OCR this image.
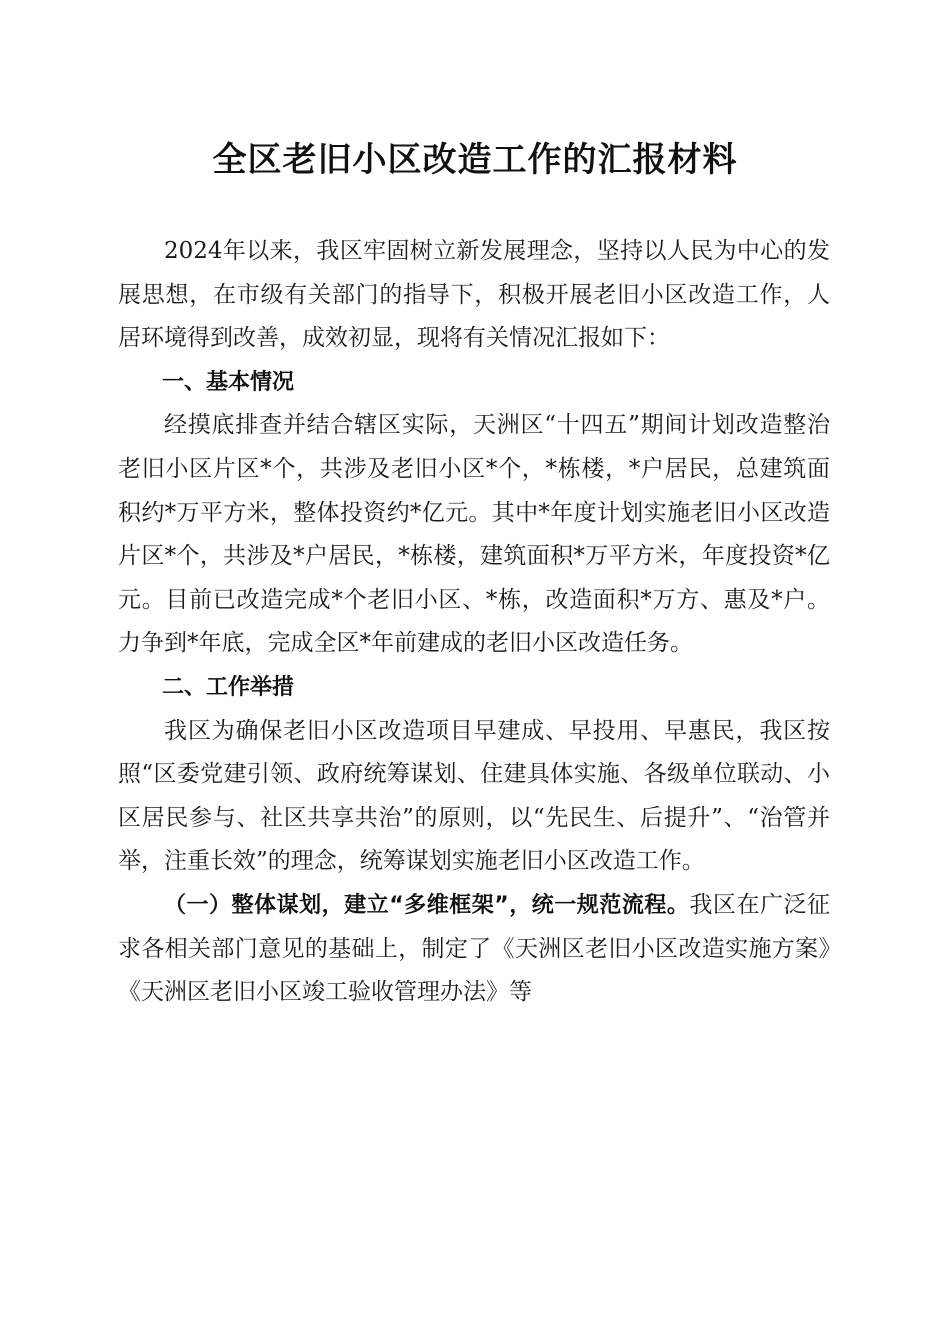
全区老旧小区改造工作的汇报材料

2024年以来，我区牢固树立新发展理念，坚持以人民为中心的发展思想，在市级有关部门的指导下，积极开展老旧小区改造工作，人居环境得到改善，成效初显，现将有关情况汇报如下：

一、基本情况

经摸底排查并结合辖区实际，天洲区“十四五”期间计划改造整治老旧小区片区*个，共涉及老旧小区*个，*栋楼，*户居民，总建筑面积约*万平方米，整体投资约*亿元。其中*年度计划实施老旧小区改造片区*个，共涉及*户居民，*栋楼，建筑面积*万平方米，年度投资*亿元。目前已改造完成*个老旧小区、*栋，改造面积*万方、惠及*户。力争到*年底，完成全区*年前建成的老旧小区改造任务。

二、工作举措

我区为确保老旧小区改造项目早建成、早投用、早惠民，我区按照“区委党建引领、政府统筹谋划、住建具体实施、各级单位联动、小区居民参与、社区共享共治”的原则，以“先民生、后提升”、“治管并举，注重长效”的理念，统筹谋划实施老旧小区改造工作。

（一）整体谋划，建立“多维框架”，统一规范流程。我区在广泛征求各相关部门意见的基础上，制定了《天洲区老旧小区改造实施方案》《天洲区老旧小区竣工验收管理办法》等
